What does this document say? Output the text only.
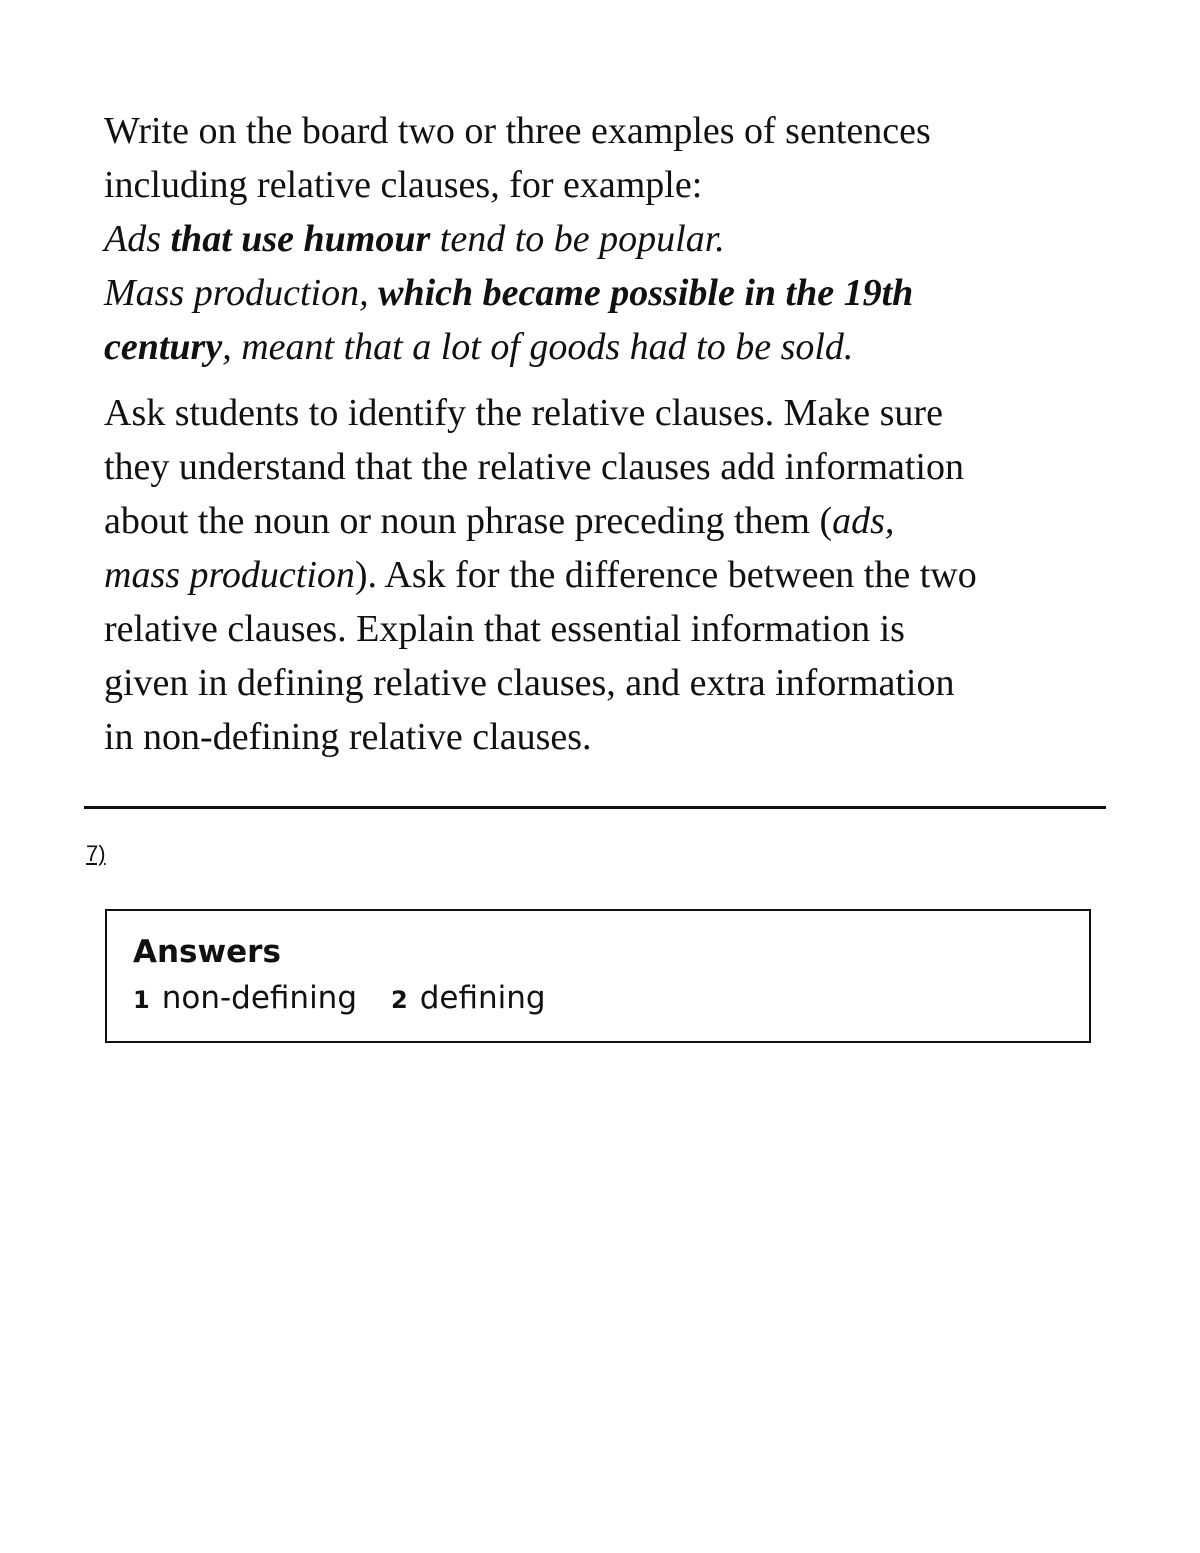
Write on the board two or three examples of sentences
including relative clauses, for example:
Ads that use humour tend to be popular.
Mass production, which became possible in the 19th
century, meant that a lot of goods had to be sold.

Ask students to identify the relative clauses. Make sure
they understand that the relative clauses add information
about the noun or noun phrase preceding them (ads,
mass production). Ask for the difference between the two
relative clauses. Explain that essential information is
given in defining relative clauses, and extra information
in non-defining relative clauses.

7)
Answers
1 non-defining 2 defining
